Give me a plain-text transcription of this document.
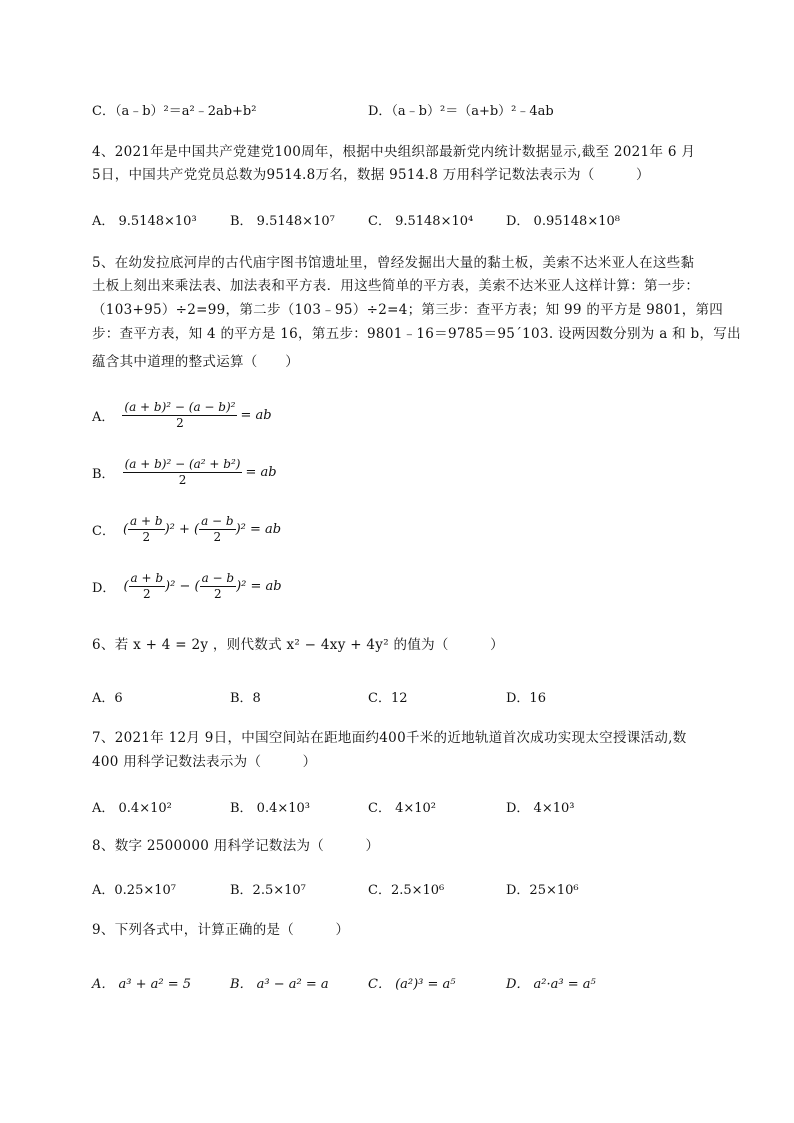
C．（a﹣b）²＝a²﹣2ab+b²	D．（a﹣b）²＝（a+b）²﹣4ab
4、2021年是中国共产党建党100周年，根据中央组织部最新党内统计数据显示,截至 2021年 6 月
5日，中国共产党党员总数为9514.8万名，数据 9514.8 万用科学记数法表示为（　　　）
A． 9.5148×10³	B． 9.5148×10⁷	C． 9.5148×10⁴	D． 0.95148×10⁸
5、在幼发拉底河岸的古代庙宇图书馆遗址里，曾经发掘出大量的黏土板，美索不达米亚人在这些黏
土板上刻出来乘法表、加法表和平方表．用这些简单的平方表，美索不达米亚人这样计算：第一步：
（103+95）÷2=99，第二步（103﹣95）÷2=4；第三步：查平方表；知 99 的平方是 9801，第四
步：查平方表，知 4 的平方是 16，第五步：9801﹣16＝9785＝95´103. 设两因数分别为 a 和 b，写出
蕴含其中道理的整式运算（　　）
A． $\frac{\text{(a + b)² − (a − b)²}}{2}$ = ab
B． $\frac{\text{(a + b)² − (a² + b²)}}{2}$ = ab
C． ( $\frac{a + b}{2} )^2$ + ( $\frac{a - b}{2} )^2$ = ab
D． ( $\frac{a + b}{2} )^2$ − ( $\frac{a - b}{2} )^2$ = ab
6、若 x + 4 = 2y ，则代数式 x² − 4xy + 4y² 的值为（　　　）
A．6	B．8	C．12	D．16
7、2021年 12月 9日，中国空间站在距地面约400千米的近地轨道首次成功实现太空授课活动,数
400 用科学记数法表示为（　　　）
A． 0.4×10²	B． 0.4×10³	C． 4×10²	D． 4×10³
8、数字 2500000 用科学记数法为（　　　）
A．0.25×10⁷	B．2.5×10⁷	C．2.5×10⁶	D．25×10⁶
9、下列各式中，计算正确的是（　　　）
A． a³ + a² = 5	B． a³ − a² = a	C． (a²)³ = a⁵	D． a²·a³ = a⁵
